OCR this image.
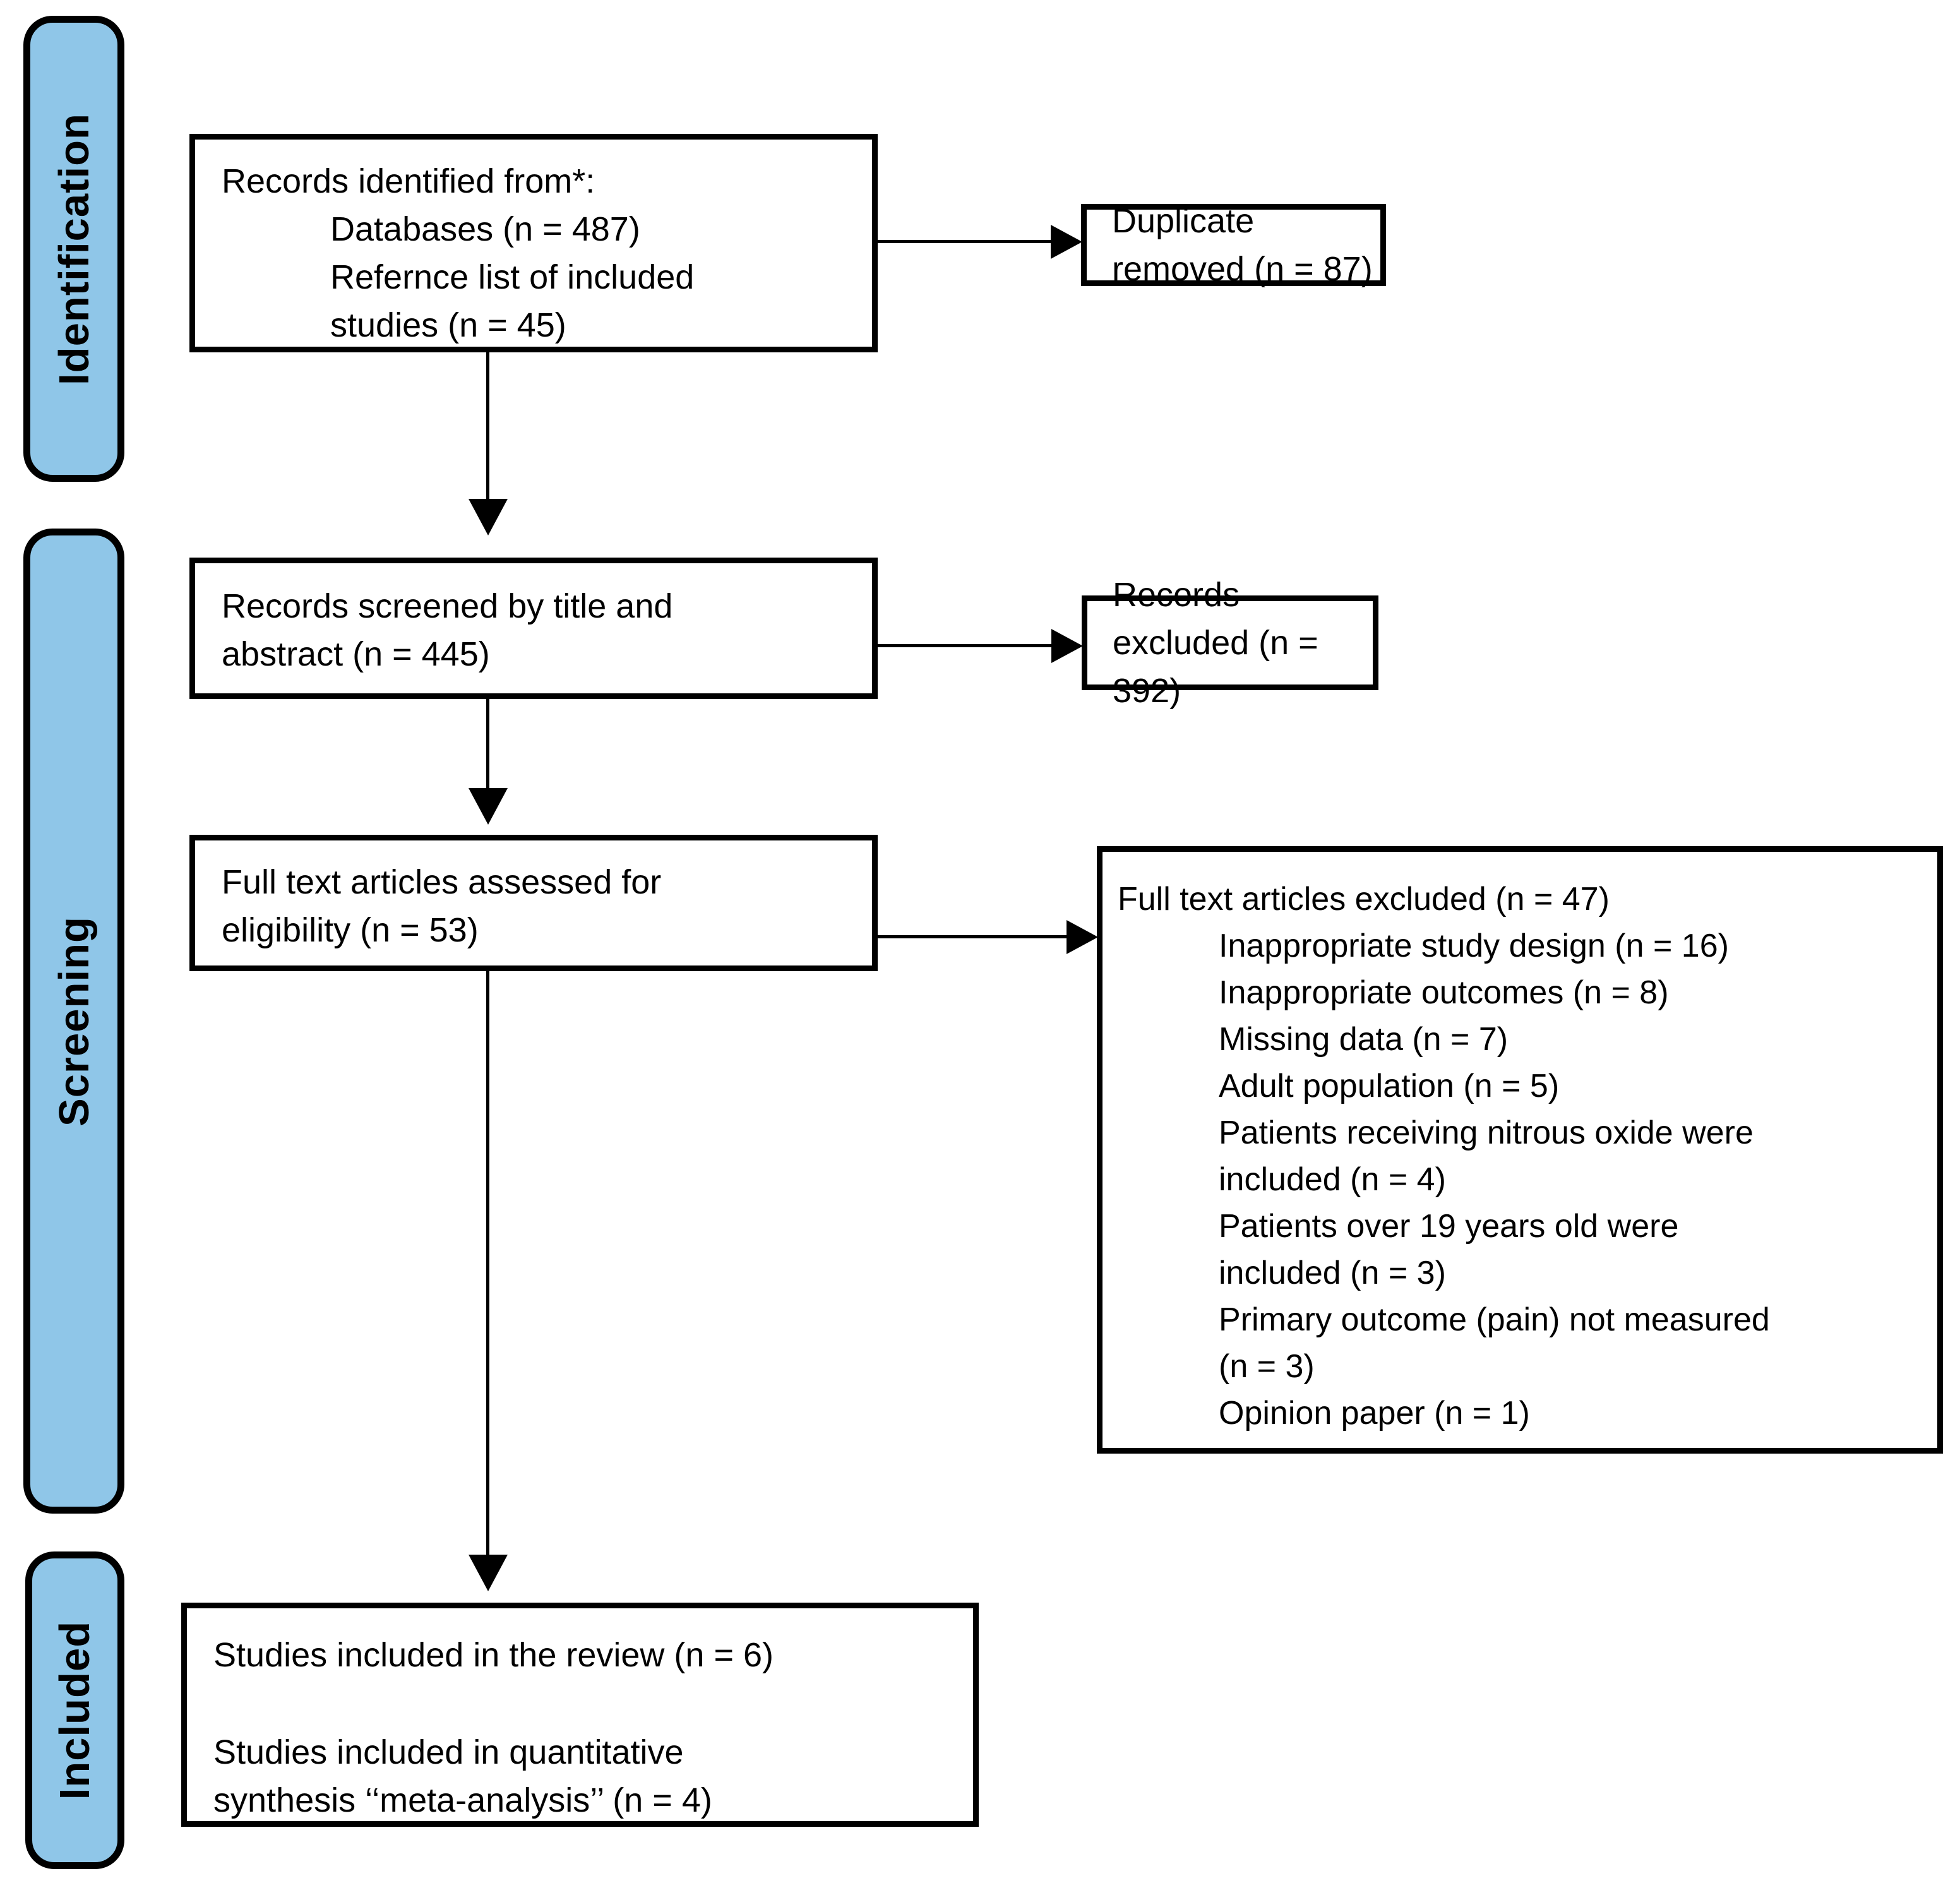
Identification
Screening
Included
Records identified from*:
Databases (n = 487)
Refernce list of included
studies (n = 45)
Duplicate removed (n = 87)
Records screened by title and
abstract (n = 445)
Records excluded (n = 392)
Full text articles assessed for
eligibility (n = 53)
Full text articles excluded (n = 47)
Inappropriate study design (n = 16)
Inappropriate outcomes (n = 8)
Missing data (n = 7)
Adult population (n = 5)
Patients receiving nitrous oxide were
included (n = 4)
Patients over 19 years old were
included (n = 3)
Primary outcome (pain) not measured
(n = 3)
Opinion paper (n = 1)
Studies included in the review (n = 6)
Studies included in quantitative
synthesis ‘‘meta-analysis’’ (n = 4)
